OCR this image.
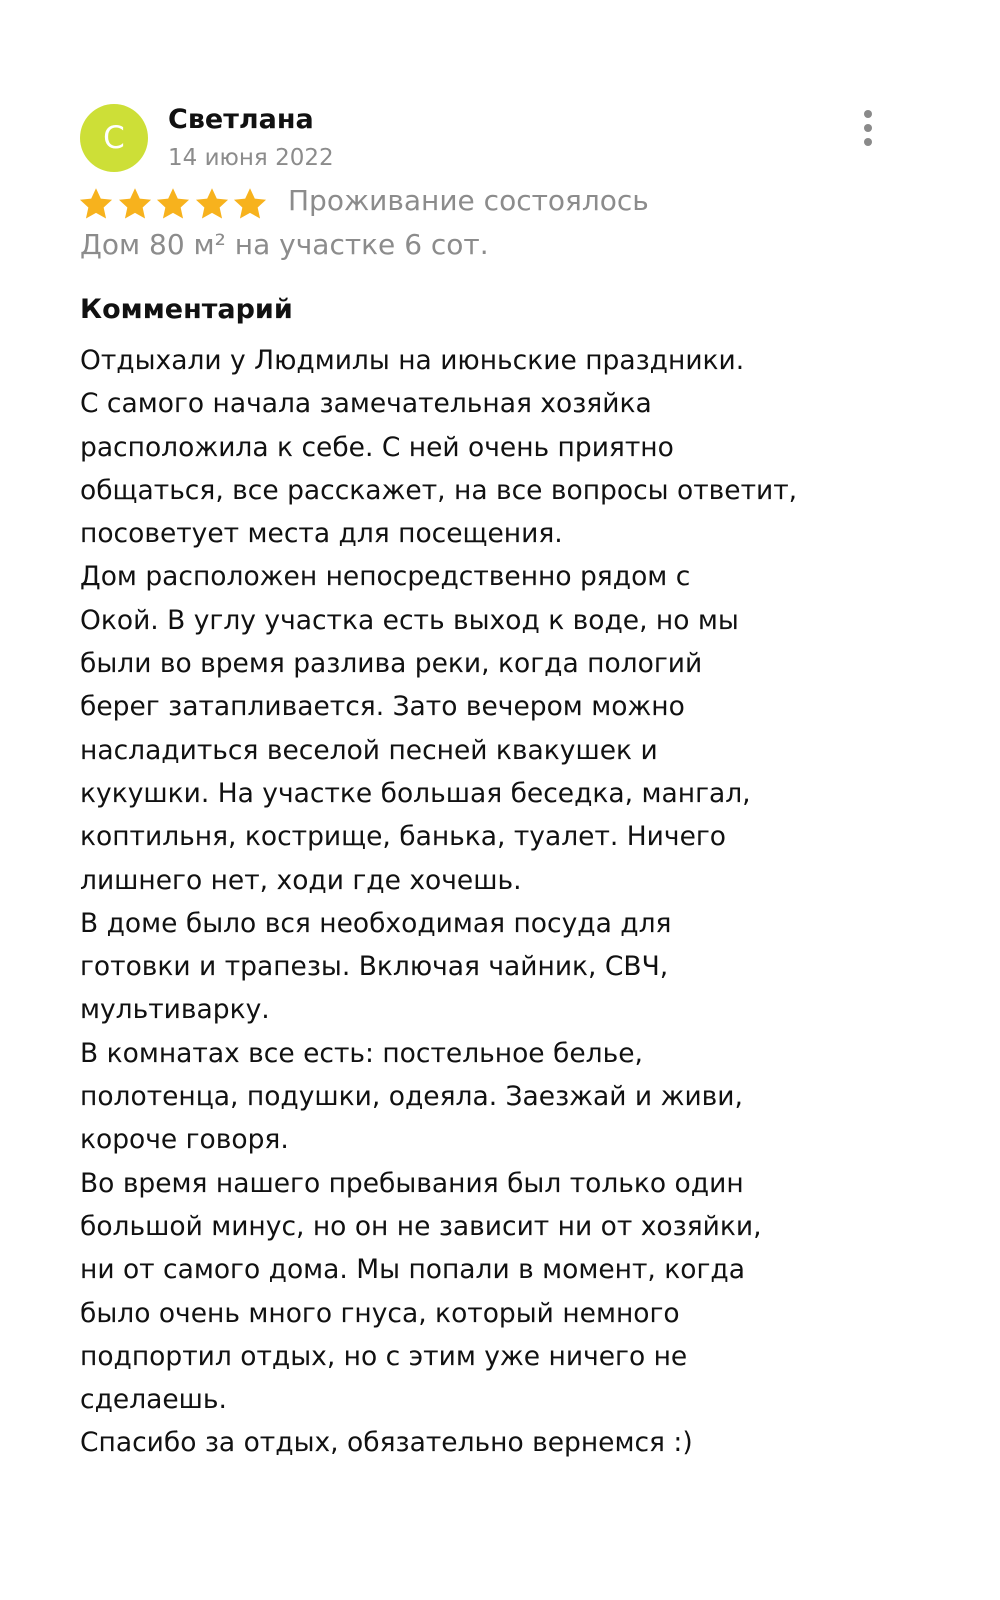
С
Светлана
14 июня 2022
Проживание состоялось
Дом 80 м² на участке 6 сот.
Комментарий
Отдыхали у Людмилы на июньские праздники.
С самого начала замечательная хозяйка
расположила к себе. С ней очень приятно
общаться, все расскажет, на все вопросы ответит,
посоветует места для посещения.
Дом расположен непосредственно рядом с
Окой. В углу участка есть выход к воде, но мы
были во время разлива реки, когда пологий
берег затапливается. Зато вечером можно
насладиться веселой песней квакушек и
кукушки. На участке большая беседка, мангал,
коптильня, кострище, банька, туалет. Ничего
лишнего нет, ходи где хочешь.
В доме было вся необходимая посуда для
готовки и трапезы. Включая чайник, СВЧ,
мультиварку.
В комнатах все есть: постельное белье,
полотенца, подушки, одеяла. Заезжай и живи,
короче говоря.
Во время нашего пребывания был только один
большой минус, но он не зависит ни от хозяйки,
ни от самого дома. Мы попали в момент, когда
было очень много гнуса, который немного
подпортил отдых, но с этим уже ничего не
сделаешь.
Спасибо за отдых, обязательно вернемся :)
